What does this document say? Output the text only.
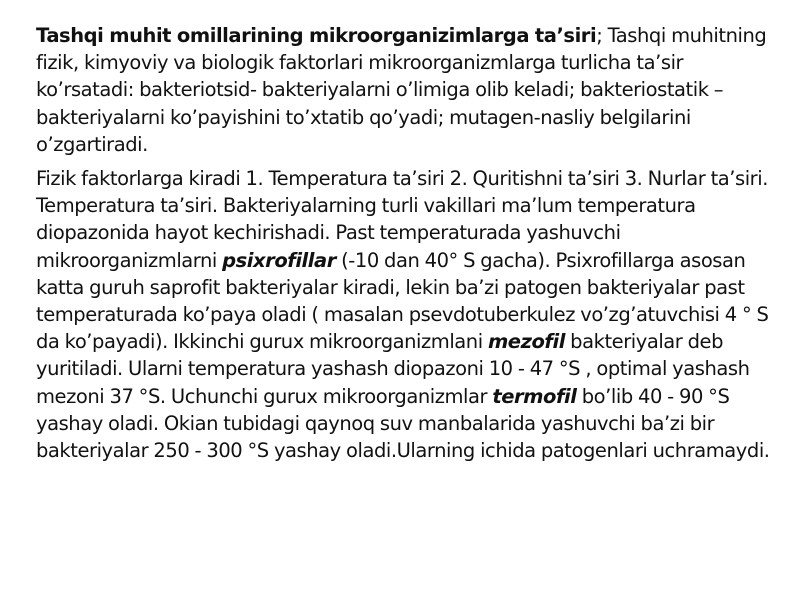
Tashqi muhit omillarining mikroorganizimlarga ta’siri; Tashqi muhitning fizik, kimyoviy va biologik faktorlari mikroorganizmlarga turlicha ta’sir ko’rsatadi: bakteriotsid- bakteriyalarni o’limiga olib keladi; bakteriostatik – bakteriyalarni ko’payishini to’xtatib qo’yadi; mutagen-nasliy belgilarini o’zgartiradi.

Fizik faktorlarga kiradi 1. Temperatura ta’siri 2. Quritishni ta’siri 3. Nurlar ta’siri. Temperatura ta’siri. Bakteriyalarning turli vakillari ma’lum temperatura diopazonida hayot kechirishadi. Past temperaturada yashuvchi mikroorganizmlarni psixrofillar (-10 dan 40° S gacha). Psixrofillarga asosan katta guruh saprofit bakteriyalar kiradi, lekin ba’zi patogen bakteriyalar past temperaturada ko’paya oladi ( masalan psevdotuberkulez vo’zg’atuvchisi 4 ° S da ko’payadi). Ikkinchi gurux mikroorganizmlani mezofil bakteriyalar deb yuritiladi. Ularni temperatura yashash diopazoni 10 - 47 °S , optimal yashash mezoni 37 °S. Uchunchi gurux mikroorganizmlar termofil bo’lib 40 - 90 °S yashay oladi. Okian tubidagi qaynoq suv manbalarida yashuvchi ba’zi bir bakteriyalar 250 - 300 °S yashay oladi.Ularning ichida patogenlari uchramaydi.
